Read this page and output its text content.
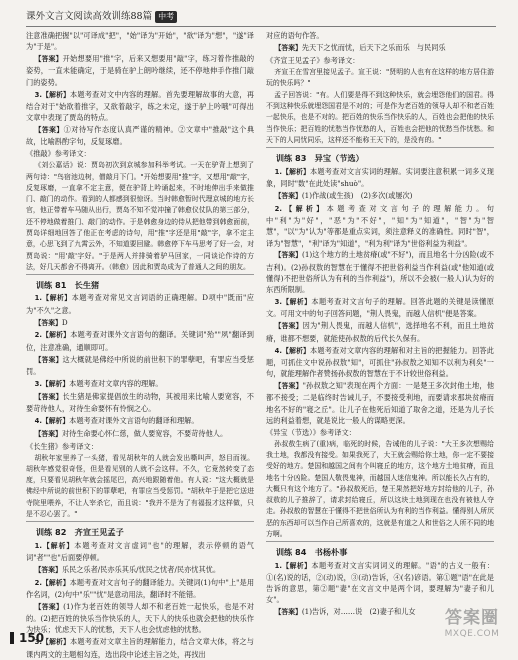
课外文言文阅读高效训练88篇 中考

注意准确把握"以"可译成"把"，"始"译为"开始"，"欲"译为"想"，"遂"译为"于是"。

【答案】开始想要用"推"字，后来又想要用"敲"字，练习着作推敲的姿势，一直未能确定，于是骑在驴上朗吟继续，还不停地伸手作推门敲门的姿势。

3.【解析】本题考查对文中内容的理解。首先要理解故事的大意，再结合对于"始欲着推字，又欲着敲字，练之未定，遂于驴上吟哦"可得出文章中表现了贾岛的特点。

【答案】①对待写作态度认真严谨的精神。②文章中"推敲"这个典故，比喻斟酌字句，反复琢磨。

《推敲》参考译文：

《刘公嘉话》说：贾岛初次到京城参加科举考试。一天在驴背上想到了两句诗："鸟宿池边树，僧敲月下门。"开始想要用"推"字，又想用"敲"字，反复琢磨，一直拿不定主意，便在驴背上吟诵起来，不时地伸出手来做推门、敲门的动作。看到的人都感到很惊讶。当时韩愈暂时代理京城的地方长官，他正带着车马随从出行，贾岛不知不觉冲撞了韩愈仪仗队的第三部分，还不停地做着推门、敲门的动作。于是韩愈身边的侍从把他带到韩愈面前，贾岛详细地回答了他正在考虑的诗句，用"推"字还是用"敲"字，拿不定主意，心思飞到了九霄云外，不知道要回避。韩愈停下车马思考了好一会，对贾岛说："用'敲'字好。"于是两人并排骑着驴马回家，一同谈论作诗的方法，好几天都舍不得离开。（韩愈）因此和贾岛成为了普通人之间的朋友。

训练 81　长生猪

1.【解析】本题考查对常见文言词语的正确理解。D项中"既而"应为"不久"之意。

【答案】D

2.【解析】本题考查对课外文言语句的翻译。关键词"殆""夙"翻译到位，注意准确，通顺即可。

【答案】这大概就是佛经中所说的前世积下的罪孽吧，有罪应当受惩罚。

3.【解析】本题考查对文章内容的理解。

【答案】长生猪是佛家提倡放生的动物，其被用来比喻人要宽容，不要苛待他人，对待生命要怀有怜悯之心。

4.【解析】本题考查对课外文言语句的翻译和理解。

【答案】对待生命要心怀仁慈，做人要宽容，不要苛待他人。

《长生猪》参考译文：

胡秋年家里养了一头猪，看见胡秋年的人就会发出嘶叫声，怒目而视。胡秋年感觉很奇怪，但是看见别的人就不会这样。不久，它竟然转变了态度，只要看见胡秋年就会摇尾巴，高兴地跟随着他。有人说："这大概就是佛经中所说的前世积下的罪孽吧，有罪应当受惩罚。"胡秋年于是把它送进寺院里喂养，不让人宰杀它，而且说："我并不是为了有福报才这样做，只是不忍心罢了。"

训练 82　齐宣王见孟子

1.【解析】本题考查对文言虚词"也"的理解，表示停顿的语气词"者""也"后面要停顿。

【答案】乐民之乐者/民亦乐其乐/忧民之忧者/民亦忧其忧。

2.【解析】本题考查对文言句子的翻译能力。关键词(1)句中"上"是用作名词，(2)句中"乐""忧"是意动用法，翻译时不能错。

【答案】(1)作为老百姓的领导人却不和老百姓一起快乐，也是不对的。(2)把百姓的快乐当作快乐的人，天下人的快乐也就会把他的快乐作为快乐；忧虑天下人的忧愁，天下人也会忧虑他的忧愁。

3.【解析】本题考查对文章主旨的理解能力，结合文章大体，将之与课内两文的主题相勾连，选出段中论述主旨之处，再找出

对应的语句作答。

【答案】先天下之忧而忧，后天下之乐而乐　与民同乐

《齐宣王见孟子》参考译文：

齐宣王在雪宫里接见孟子。宣王说："贤明的人也有在这样的地方居住游玩的快乐吗？"

孟子回答说："有。人们要是得不到这种快乐，就会埋怨他们的国君。得不到这种快乐就埋怨国君是不对的；可是作为老百姓的领导人却不和老百姓一起快乐，也是不对的。把百姓的快乐当作快乐的人，百姓也会把他的快乐当作快乐；把百姓的忧愁当作忧愁的人，百姓也会把他的忧愁当作忧愁。和天下的人同忧同乐，这样还不能称王天下的，是没有的。"

训练 83　异宝（节选）

1.【解析】本题考查对文言实词的理解。实词要注意积累一词多义现象，同时"数"在此处读"shuò"。

【答案】(1)作战(或生孩)　(2)多次(或屡次)

2.【解析】本题考查对文言句子的理解能力。句中"利"为"好"，"恶"为"不好"，"知"为"知道"，"智"为"智慧"，"以"为"认为"等都是重点实词，须注意释义的准确性。同时"智"，译为"智慧"，"利"译为"知道"，"利为利"译为"世俗利益为利益"。

【答案】(1)这个地方的土地贫瘠(或"不好")，而且地名十分凶险(或不吉利)。(2)孙叔敖的智慧在于懂得不把世俗利益当作利益(或"他知道(或懂得)不把世俗所认为有利的当作利益")，所以不会被(一般人)认为好的东西所限制。

3.【解析】本题考查对文言句子的理解。回答此题的关键是读懂原文。可用文中的句子回答问题，"荆人畏鬼，而越人信机"便是答案。

【答案】因为"荆人畏鬼，而越人信机"，选择地名不利，而且土地贫瘠，谁都不想要，就能使孙叔敖的后代长久保有。

4.【解析】本题考查对文章内容的理解和对主旨的把握能力。回答此题，可抓住文中说孙叔敖"知"，可抓住"孙叔敖之知知不以利为利矣"一句，就能理解作者赞扬孙叔敖的智慧在于不计较世俗利益。

【答案】"孙叔敖之知"表现在两个方面：一是楚王多次封他土地，他都不接受；二是临终时告诫儿子，不要接受利地，而要请求那块贫瘠而地名不好的"寝之丘"。让儿子在他死后知道了取舍之道，还是为儿子长远的利益着想，就是说比一般人的谋略更深。

《异宝（节选）》参考译文：

孙叔敖生病了(重)病，临死的时候，告诫他的儿子说："大王多次想赐给我土地，我都没有接受。如果我死了，大王就会赐给你土地，你一定不要接受好的地方。楚国和越国之间有个叫寝丘的地方，这个地方土地贫瘠，而且地名十分凶险。楚国人敬畏鬼神，而越国人迷信鬼神。所以能长久占有的，大概只有这个地方了。"孙叔敖死后，楚王果然把好地方封给他的儿子，孙叔敖的儿子推辞了，请求封给寝丘，所以这块土地到现在也没有被他人夺走。孙叔敖的智慧在于懂得不把世俗所认为有利的当作利益。懂得别人所厌恶的东西却可以当作自己所喜欢的，这就是有道之人和世俗之人所不同的地方啊。

训练 84　书杨朴事

1.【解析】本题考查对文言实词词义的理解。"语"的古义一般有：①(名)说的话，②(动)说，③(动)告诉，④(名)谚语。第①题"语"在此是告诉的意思，第②题"妻"在文言文中是两个词，要理解为"妻子和儿女"。

【答案】(1)告诉，对……说　(2)妻子和儿女

150
答案圈
MXQE.COM
